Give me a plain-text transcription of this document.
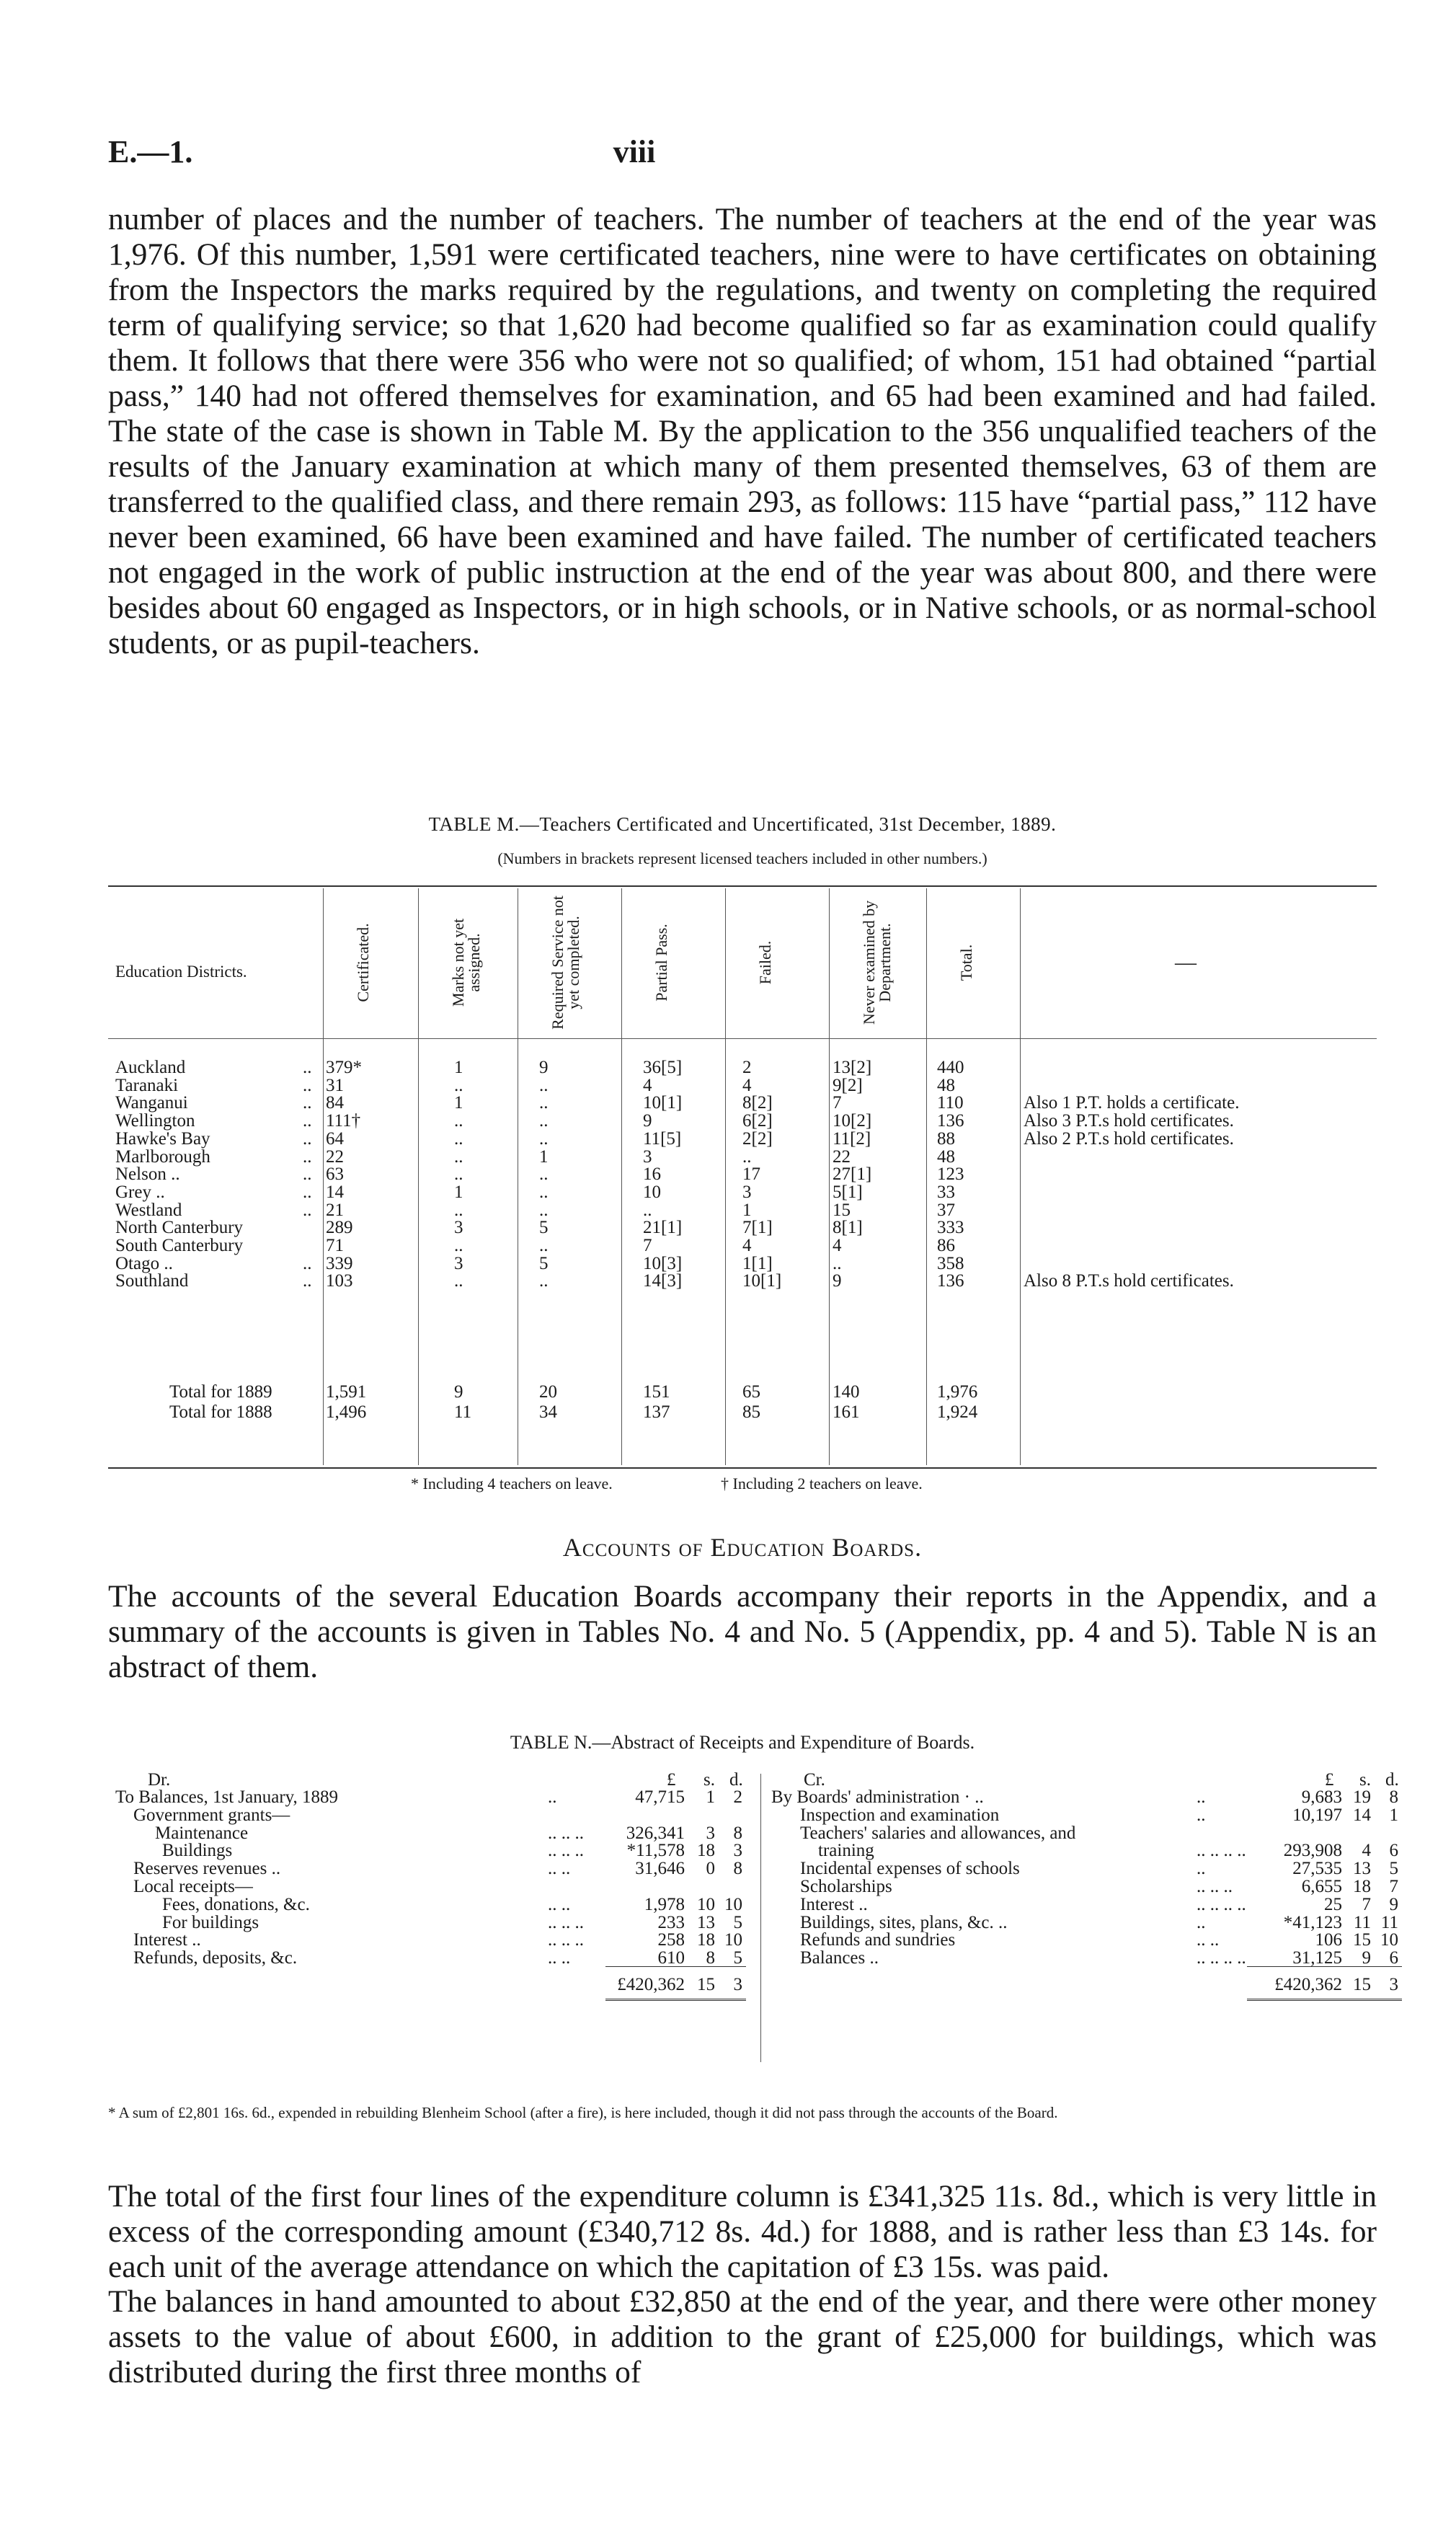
E.—1.	viii

number of places and the number of teachers. The number of teachers at the end of the year was 1,976. Of this number, 1,591 were certificated teachers, nine were to have certificates on obtaining from the Inspectors the marks required by the regulations, and twenty on completing the required term of qualifying service; so that 1,620 had become qualified so far as examination could qualify them. It follows that there were 356 who were not so qualified; of whom, 151 had obtained “partial pass,” 140 had not offered themselves for examination, and 65 had been examined and had failed. The state of the case is shown in Table M. By the application to the 356 unqualified teachers of the results of the January examination at which many of them presented themselves, 63 of them are transferred to the qualified class, and there remain 293, as follows: 115 have “partial pass,” 112 have never been examined, 66 have been examined and have failed. The number of certificated teachers not engaged in the work of public instruction at the end of the year was about 800, and there were besides about 60 engaged as Inspectors, or in high schools, or in Native schools, or as normal-school students, or as pupil-teachers.

TABLE M.—Teachers Certificated and Uncertificated, 31st December, 1889.
(Numbers in brackets represent licensed teachers included in other numbers.)
Education Districts.	Certificated.	Marks not yet assigned.	Required Service not yet completed.	Partial Pass.	Failed.	Never examined by Department.	Total.	—
Auckland	.. 379*	1	9	36[5]	2	13[2]	440
Taranaki	.. 31	..	..	4	4	9[2]	48
Wanganui	.. 84	1	..	10[1]	8[2]	7	110	Also 1 P.T. holds a certificate.
Wellington	.. 111†	..	..	9	6[2]	10[2]	136	Also 3 P.T.s hold certificates.
Hawke's Bay	.. 64	..	..	11[5]	2[2]	11[2]	88	Also 2 P.T.s hold certificates.
Marlborough	.. 22	..	1	3	..	22	48
Nelson ..	.. 63	..	..	16	17	27[1]	123
Grey ..	.. 14	1	..	10	3	5[1]	33
Westland	.. 21	..	..	..	1	15	37
North Canterbury	289	3	5	21[1]	7[1]	8[1]	333
South Canterbury	71	..	..	7	4	4	86
Otago ..	.. 339	3	5	10[3]	1[1]	..	358
Southland	.. 103	..	..	14[3]	10[1]	9	136	Also 8 P.T.s hold certificates.
Total for 1889	1,591	9	20	151	65	140	1,976
Total for 1888	1,496	11	34	137	85	161	1,924
* Including 4 teachers on leave.	† Including 2 teachers on leave.
Accounts of Education Boards.

The accounts of the several Education Boards accompany their reports in the Appendix, and a summary of the accounts is given in Tables No. 4 and No. 5 (Appendix, pp. 4 and 5). Table N is an abstract of them.

TABLE N.—Abstract of Receipts and Expenditure of Boards.
Dr.	Cr.
£ s. d.	£ s. d.
To Balances, 1st January, 1889	..	47,715 1 2
Government grants—
Maintenance	.. .. .. 326,341 3 8
Buildings	.. .. .. *11,578 18 3
Reserves revenues ..	.. ..	31,646 0 8
Local receipts—
Fees, donations, &c.	.. ..	1,978 10 10
For buildings	.. .. ..	233 13 5
Interest ..	.. .. ..	258 18 10
Refunds, deposits, &c.	.. ..	610 8 5
By Boards' administration · ..	..	9,683 19 8
Inspection and examination	..	10,197 14 1
Teachers' salaries and allowances, and
training	.. .. .. .. 293,908 4 6
Incidental expenses of schools	..	27,535 13 5
Scholarships	.. .. ..	6,655 18 7
Interest ..	.. .. .. ..	25 7 9
Buildings, sites, plans, &c. ..	..	*41,123 11 11
Refunds and sundries	.. ..	106 15 10
Balances ..	.. .. .. ..	31,125 9 6
£420,362 15 3	£420,362 15 3
* A sum of £2,801 16s. 6d., expended in rebuilding Blenheim School (after a fire), is here included, though it did not pass through the accounts of the Board.

The total of the first four lines of the expenditure column is £341,325 11s. 8d., which is very little in excess of the corresponding amount (£340,712 8s. 4d.) for 1888, and is rather less than £3 14s. for each unit of the average attendance on which the capitation of £3 15s. was paid.

The balances in hand amounted to about £32,850 at the end of the year, and there were other money assets to the value of about £600, in addition to the grant of £25,000 for buildings, which was distributed during the first three months of
